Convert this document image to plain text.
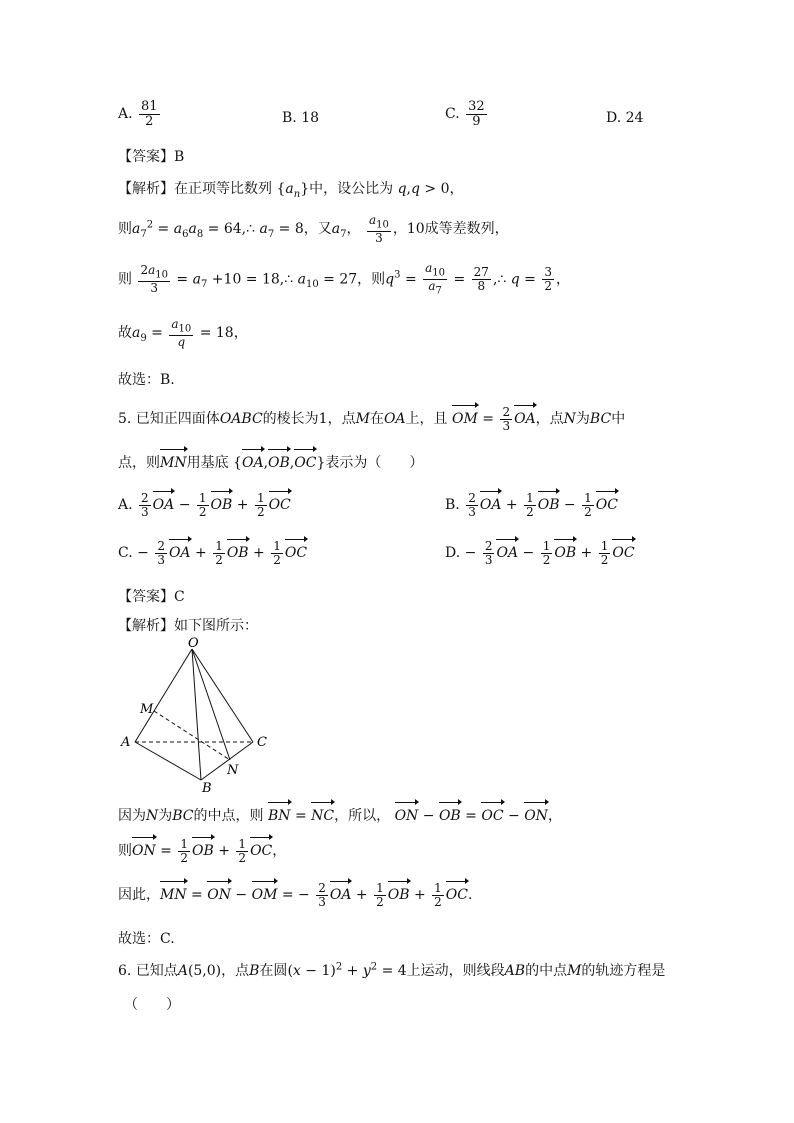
A. $\frac{81}{2}$	B. 18	C. $\frac{32}{9}$	D. 24
【答案】B
【解析】在正项等比数列 $\{a_n\}$中，设公比为 q,q > 0，
则$a_7^2 = a_6a_8$ = 64,∴ $a_7 = 8$，又$a_7$， $\frac{a_{10}}{3}$ ，10成等差数列，
则 $\frac{2a_{10}}{3} = a_7 +10$ = 18,∴ $a_{10} = 27$，则$q^3 = \frac{a_{10}}{a_7} = \frac{27}{8}$ ,∴ $q = \frac{3}{2}$ ，
故$a_9 = \frac{a_{10}}{q} = 18$，
故选：B.
5. 已知正四面体OABC的棱长为1，点M在OA上，且 OM = $\frac{2}{3}$ OA，点N为BC中
点，则MN用基底 {OA,OB,OC}表示为（　　）
A. $\frac{2}{3}$ OA − $\frac{1}{2}$ OB + $\frac{1}{2}$ OC	B. $\frac{2}{3}$ OA + $\frac{1}{2}$ OB − $\frac{1}{2}$ OC
C. − $\frac{2}{3}$ OA + $\frac{1}{2}$ OB + $\frac{1}{2}$ OC	D. − $\frac{2}{3}$ OA − $\frac{1}{2}$ OB + $\frac{1}{2}$ OC
【答案】C
【解析】如下图所示：
O
M
A	C
N
B
因为N为BC的中点，则 BN = NC，所以， ON − OB = OC − ON，
则ON = $\frac{1}{2}$ OB + $\frac{1}{2}$ OC，
因此，MN = ON − OM = − $\frac{2}{3}$ OA + $\frac{1}{2}$ OB + $\frac{1}{2}$ OC.
故选：C.
6. 已知点A(5,0)，点B在圆$(x - 1)^2 + y^2 = 4$上运动，则线段AB的中点M的轨迹方程是
（　　）
